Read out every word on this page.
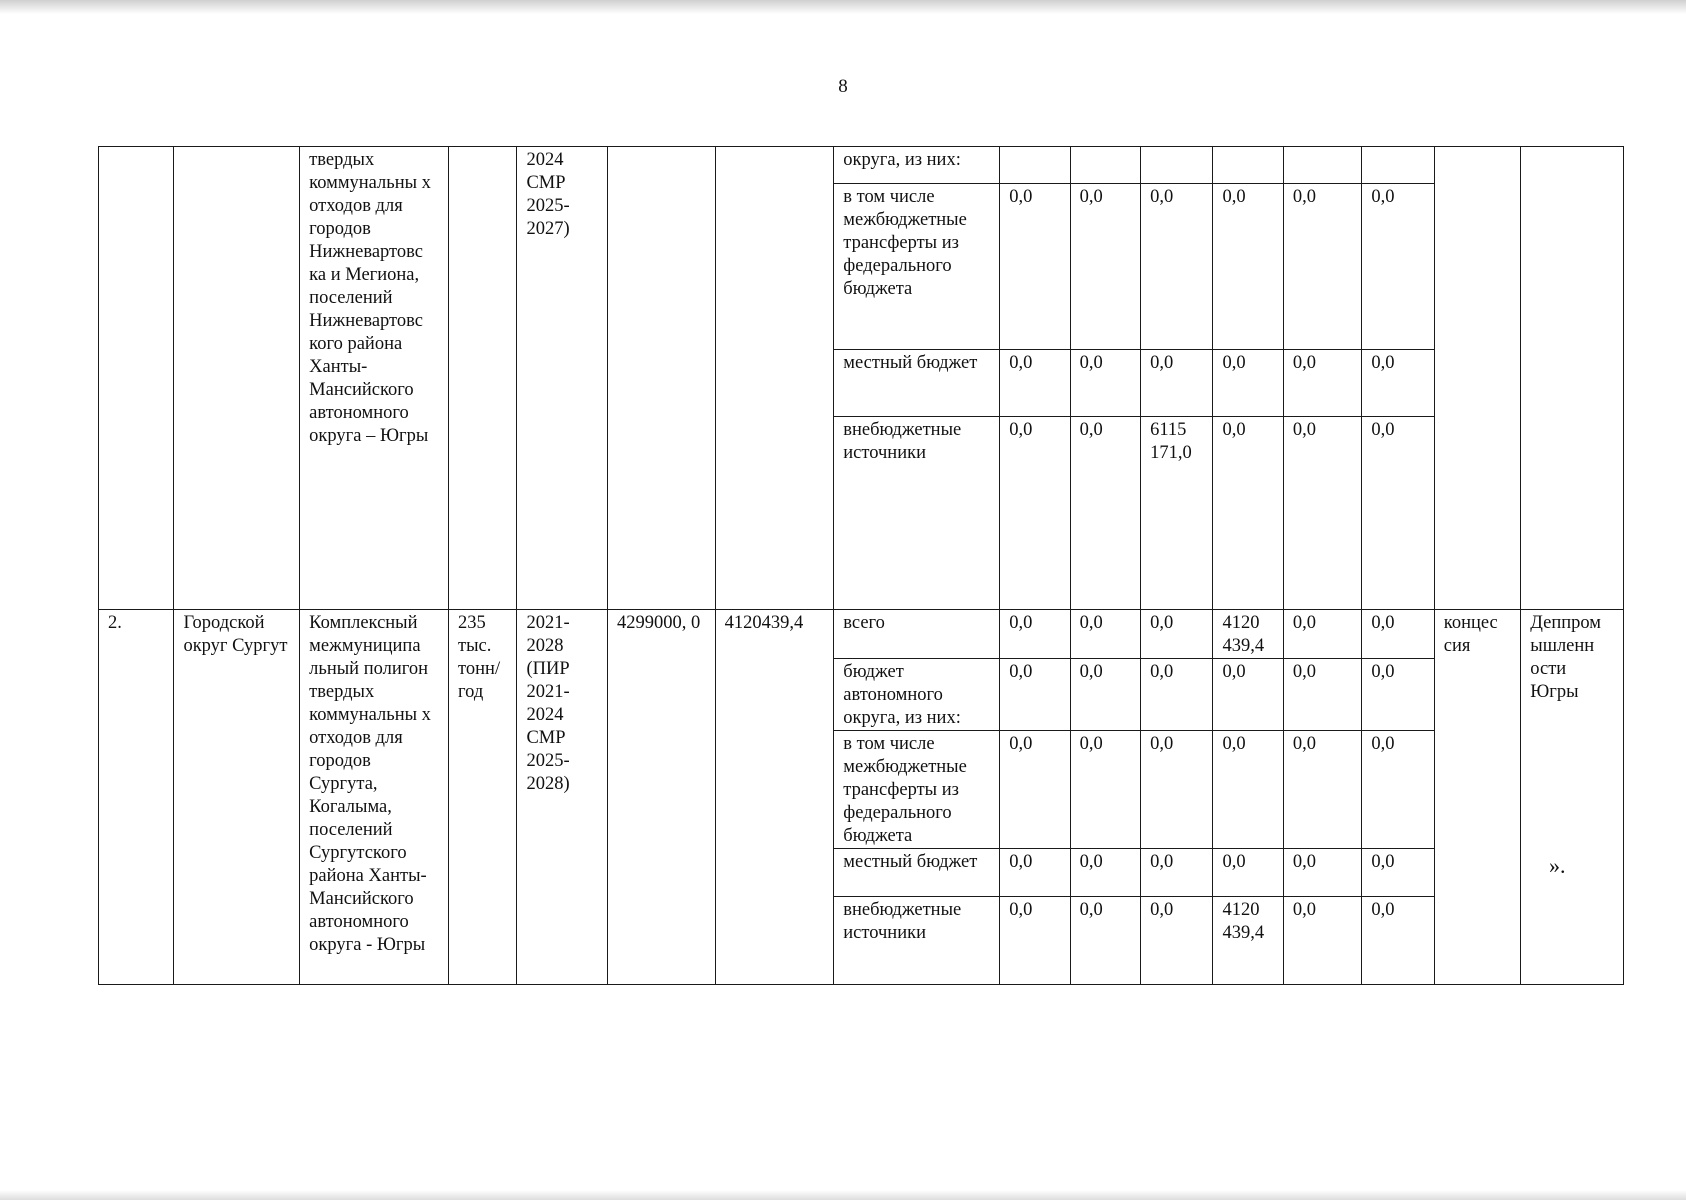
8
		твердых коммунальны х отходов для городов Нижневартовс ка и Мегиона, поселений Нижневартовс кого района Ханты-Мансийского автономного округа – Югры		2024 СМР 2025-2027)			округа, из них:								
							в том числе межбюджетные трансферты из федерального бюджета	0,0	0,0	0,0	0,0	0,0	0,0		
							местный бюджет	0,0	0,0	0,0	0,0	0,0	0,0		
							внебюджетные источники	0,0	0,0	6115 171,0	0,0	0,0	0,0		
2.	Городской округ Сургут	Комплексный межмуниципа льный полигон твердых коммунальны х отходов для городов Сургута, Когалыма, поселений Сургутского района Ханты-Мансийского автономного округа - Югры	235 тыс. тонн/ год	2021-2028 (ПИР 2021-2024 СМР 2025-2028)	4299000, 0	4120439,4	всего	0,0	0,0	0,0	4120 439,4	0,0	0,0	концес сия	Деппром ышленн ости Югры
							бюджет автономного округа, из них:	0,0	0,0	0,0	0,0	0,0	0,0		
							в том числе межбюджетные трансферты из федерального бюджета	0,0	0,0	0,0	0,0	0,0	0,0		
							местный бюджет	0,0	0,0	0,0	0,0	0,0	0,0		
							внебюджетные источники	0,0	0,0	0,0	4120 439,4	0,0	0,0		
».
